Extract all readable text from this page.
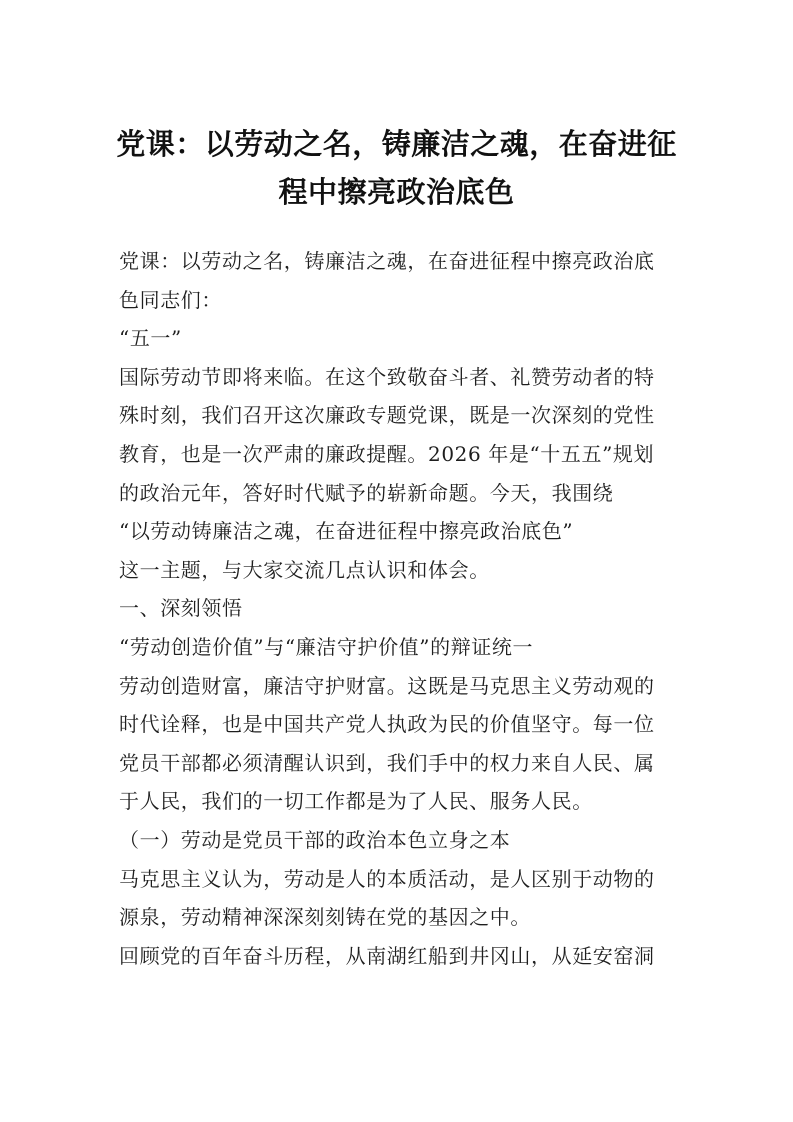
党课：以劳动之名，铸廉洁之魂，在奋进征
程中擦亮政治底色
党课：以劳动之名，铸廉洁之魂，在奋进征程中擦亮政治底
色同志们：
“五一”
国际劳动节即将来临。在这个致敬奋斗者、礼赞劳动者的特
殊时刻，我们召开这次廉政专题党课，既是一次深刻的党性
教育，也是一次严肃的廉政提醒。2026 年是“十五五”规划
的政治元年，答好时代赋予的崭新命题。今天，我围绕
“以劳动铸廉洁之魂，在奋进征程中擦亮政治底色”
这一主题，与大家交流几点认识和体会。
一、深刻领悟
“劳动创造价值”与“廉洁守护价值”的辩证统一
劳动创造财富，廉洁守护财富。这既是马克思主义劳动观的
时代诠释，也是中国共产党人执政为民的价值坚守。每一位
党员干部都必须清醒认识到，我们手中的权力来自人民、属
于人民，我们的一切工作都是为了人民、服务人民。
（一）劳动是党员干部的政治本色立身之本
马克思主义认为，劳动是人的本质活动，是人区别于动物的
源泉，劳动精神深深刻刻铸在党的基因之中。
回顾党的百年奋斗历程，从南湖红船到井冈山，从延安窑洞
